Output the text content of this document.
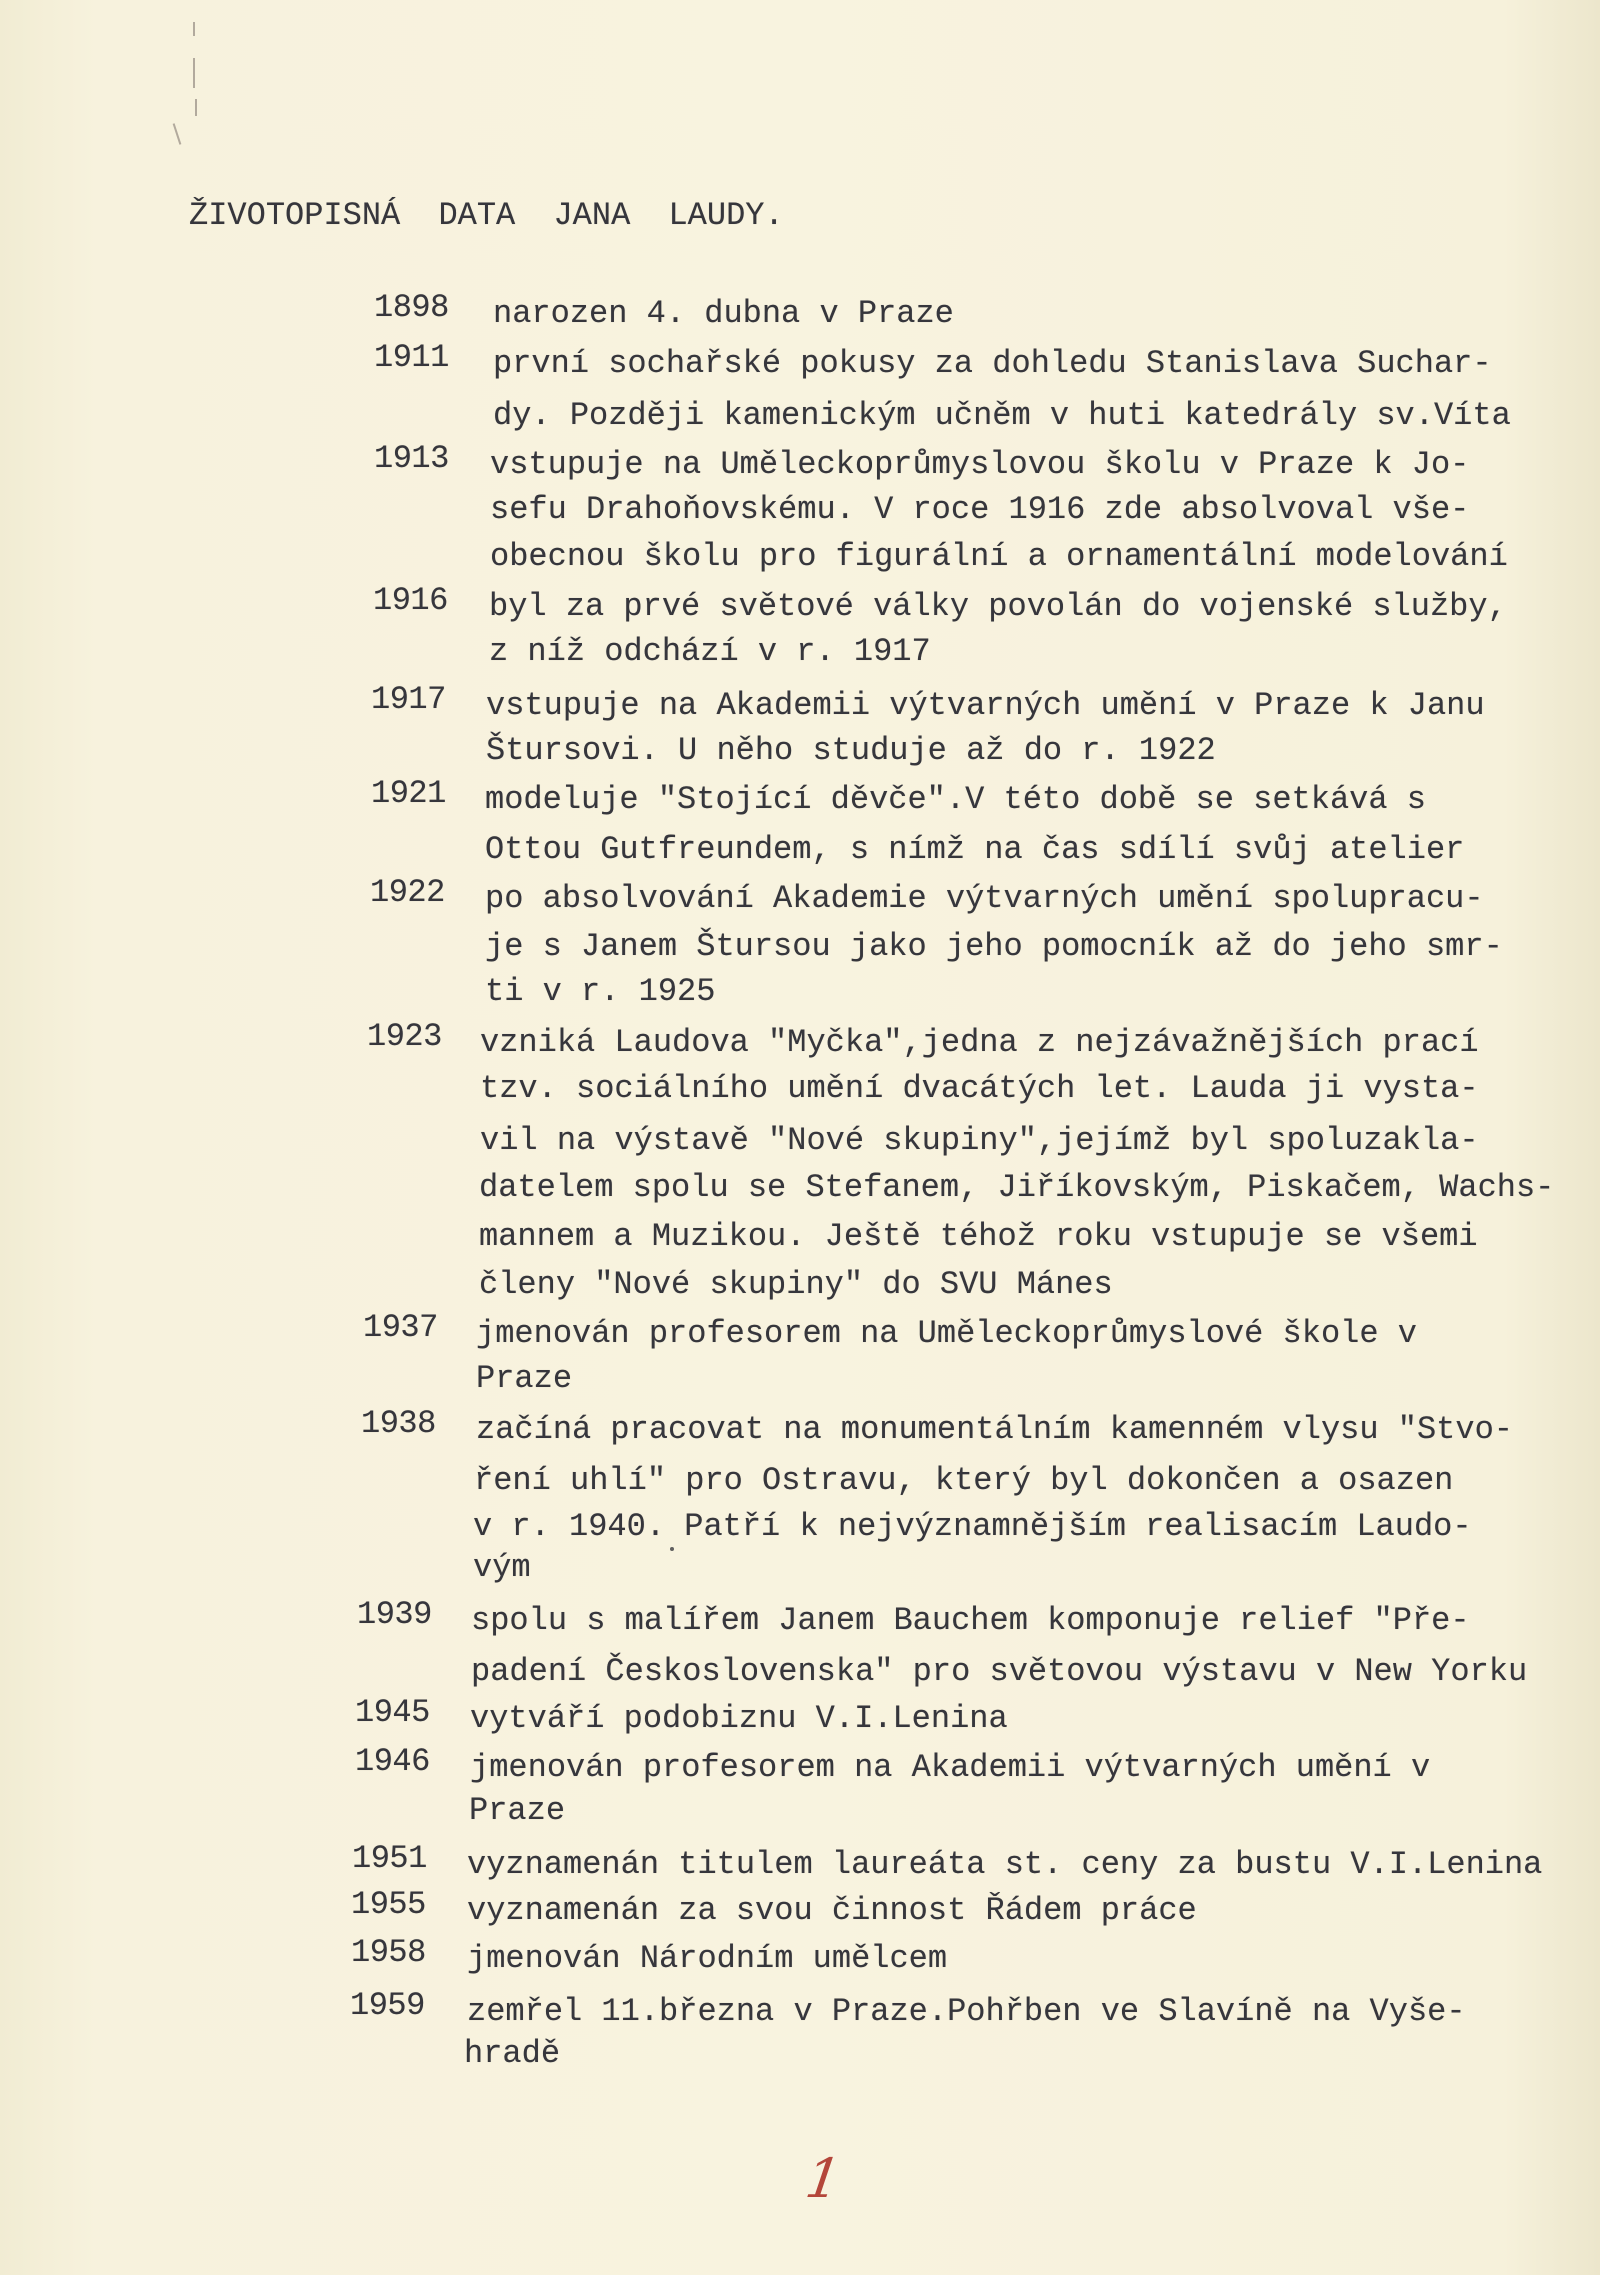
ŽIVOTOPISNÁ DATA JANA LAUDY.
1898 narozen 4. dubna v Praze
1911 první sochařské pokusy za dohledu Stanislava Suchar-
dy. Později kamenickým učněm v huti katedrály sv.Víta
1913 vstupuje na Uměleckoprůmyslovou školu v Praze k Jo-
sefu Drahoňovskému. V roce 1916 zde absolvoval vše-
obecnou školu pro figurální a ornamentální modelování
1916 byl za prvé světové války povolán do vojenské služby,
z níž odchází v r. 1917
1917 vstupuje na Akademii výtvarných umění v Praze k Janu
Štursovi. U něho studuje až do r. 1922
1921 modeluje "Stojící děvče".V této době se setkává s
Ottou Gutfreundem, s nímž na čas sdílí svůj atelier
1922 po absolvování Akademie výtvarných umění spolupracu-
je s Janem Štursou jako jeho pomocník až do jeho smr-
ti v r. 1925
1923 vzniká Laudova "Myčka",jedna z nejzávažnějších prací
tzv. sociálního umění dvacátých let. Lauda ji vysta-
vil na výstavě "Nové skupiny",jejímž byl spoluzakla-
datelem spolu se Stefanem, Jiříkovským, Piskačem, Wachs-
mannem a Muzikou. Ještě téhož roku vstupuje se všemi
členy "Nové skupiny" do SVU Mánes
1937 jmenován profesorem na Uměleckoprůmyslové škole v
Praze
1938 začíná pracovat na monumentálním kamenném vlysu "Stvo-
ření uhlí" pro Ostravu, který byl dokončen a osazen
v r. 1940. Patří k nejvýznamnějším realisacím Laudo-
vým
1939 spolu s malířem Janem Bauchem komponuje relief "Pře-
padení Československa" pro světovou výstavu v New Yorku
1945 vytváří podobiznu V.I.Lenina
1946 jmenován profesorem na Akademii výtvarných umění v
Praze
1951 vyznamenán titulem laureáta st. ceny za bustu V.I.Lenina
1955 vyznamenán za svou činnost Řádem práce
1958 jmenován Národním umělcem
1959 zemřel 11.března v Praze.Pohřben ve Slavíně na Vyše-
hradě
1
